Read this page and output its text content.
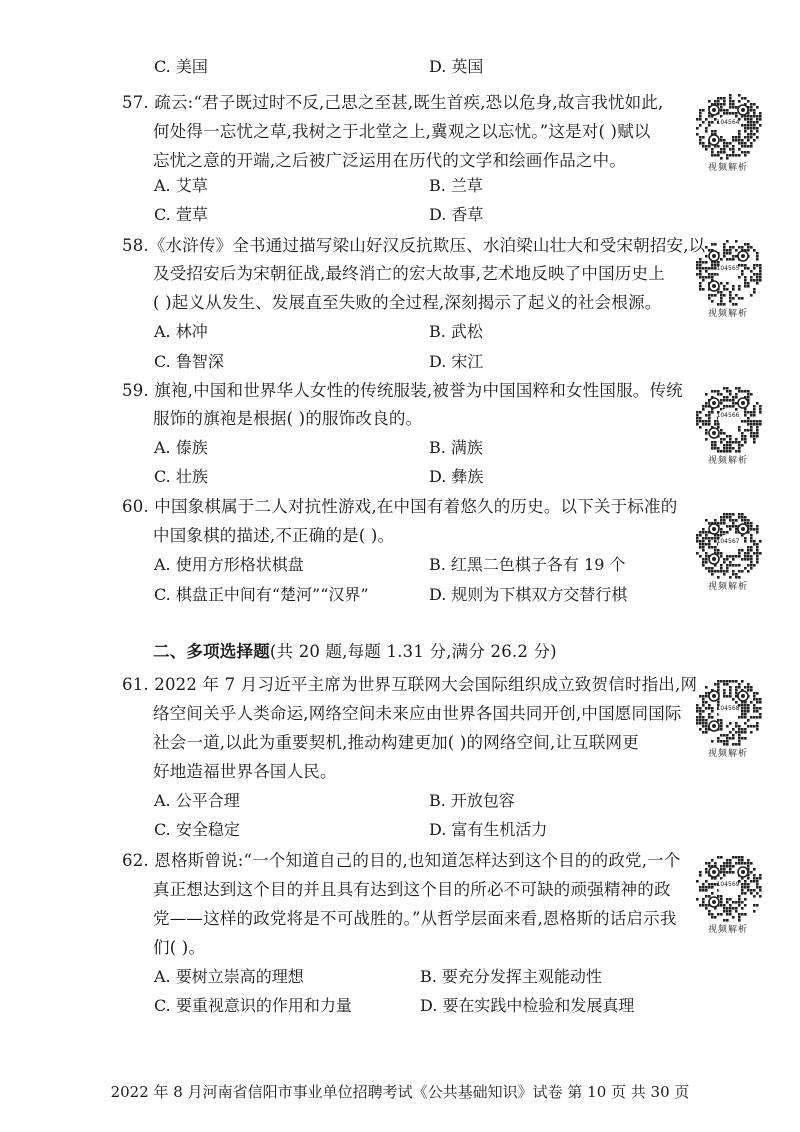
C. 美国	D. 英国
57. 疏云:“君子既过时不反,己思之至甚,既生首疾,恐以危身,故言我忧如此,
何处得一忘忧之草,我树之于北堂之上,冀观之以忘忧。”这是对( )赋以
忘忧之意的开端,之后被广泛运用在历代的文学和绘画作品之中。
A. 艾草	B. 兰草
C. 萱草	D. 香草
104564
视频解析
58.《水浒传》全书通过描写梁山好汉反抗欺压、水泊梁山壮大和受宋朝招安,以
及受招安后为宋朝征战,最终消亡的宏大故事,艺术地反映了中国历史上
( )起义从发生、发展直至失败的全过程,深刻揭示了起义的社会根源。
A. 林冲	B. 武松
C. 鲁智深	D. 宋江
104565
视频解析
59. 旗袍,中国和世界华人女性的传统服装,被誉为中国国粹和女性国服。传统
服饰的旗袍是根据( )的服饰改良的。
A. 傣族	B. 满族
C. 壮族	D. 彝族
104566
视频解析
60. 中国象棋属于二人对抗性游戏,在中国有着悠久的历史。以下关于标准的
中国象棋的描述,不正确的是( )。
A. 使用方形格状棋盘	B. 红黑二色棋子各有 19 个
C. 棋盘正中间有“楚河”“汉界”	D. 规则为下棋双方交替行棋
104567
视频解析
二、多项选择题(共 20 题,每题 1.31 分,满分 26.2 分)
61. 2022 年 7 月习近平主席为世界互联网大会国际组织成立致贺信时指出,网
络空间关乎人类命运,网络空间未来应由世界各国共同开创,中国愿同国际
社会一道,以此为重要契机,推动构建更加( )的网络空间,让互联网更
好地造福世界各国人民。
A. 公平合理	B. 开放包容
C. 安全稳定	D. 富有生机活力
104568
视频解析
62. 恩格斯曾说:“一个知道自己的目的,也知道怎样达到这个目的的政党,一个
真正想达到这个目的并且具有达到这个目的所必不可缺的顽强精神的政
党——这样的政党将是不可战胜的。”从哲学层面来看,恩格斯的话启示我
们( )。
A. 要树立崇高的理想	B. 要充分发挥主观能动性
C. 要重视意识的作用和力量	D. 要在实践中检验和发展真理
104569
视频解析
2022 年 8 月河南省信阳市事业单位招聘考试《公共基础知识》试卷 第 10 页 共 30 页
